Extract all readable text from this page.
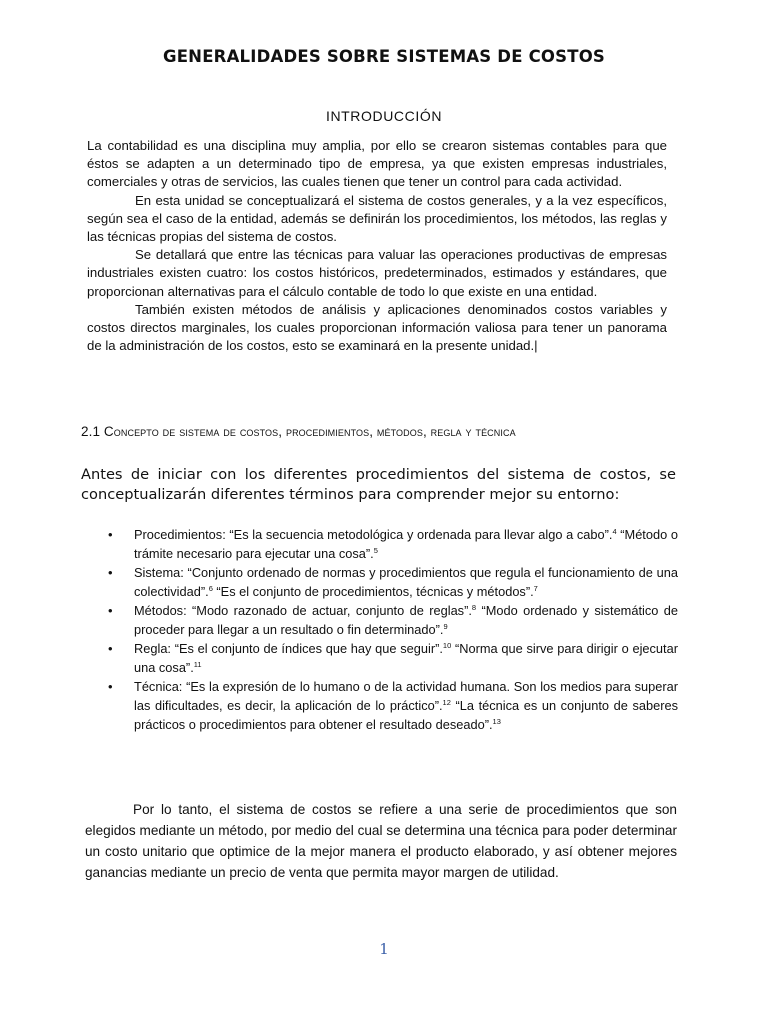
GENERALIDADES SOBRE SISTEMAS DE COSTOS
INTRODUCCIÓN

La contabilidad es una disciplina muy amplia, por ello se crearon sistemas contables para que éstos se adapten a un determinado tipo de empresa, ya que existen empresas industriales, comerciales y otras de servicios, las cuales tienen que tener un control para cada actividad.

En esta unidad se conceptualizará el sistema de costos generales, y a la vez específicos, según sea el caso de la entidad, además se definirán los procedimientos, los métodos, las reglas y las técnicas propias del sistema de costos.

Se detallará que entre las técnicas para valuar las operaciones productivas de empresas industriales existen cuatro: los costos históricos, predeterminados, estimados y estándares, que proporcionan alternativas para el cálculo contable de todo lo que existe en una entidad.

También existen métodos de análisis y aplicaciones denominados costos variables y costos directos marginales, los cuales proporcionan información valiosa para tener un panorama de la administración de los costos, esto se examinará en la presente unidad.|

2.1 Concepto de sistema de costos, procedimientos, métodos, regla y técnica
Antes de iniciar con los diferentes procedimientos del sistema de costos, se conceptualizarán diferentes términos para comprender mejor su entorno:
• Procedimientos: “Es la secuencia metodológica y ordenada para llevar algo a cabo”.$^4$ “Método o trámite necesario para ejecutar una cosa”.$^5$

• Sistema: “Conjunto ordenado de normas y procedimientos que regula el funcionamiento de una colectividad”.$^6$ “Es el conjunto de procedimientos, técnicas y métodos”.$^7$

• Métodos: “Modo razonado de actuar, conjunto de reglas”.$^8$ “Modo ordenado y sistemático de proceder para llegar a un resultado o fin determinado”.$^9$

• Regla: “Es el conjunto de índices que hay que seguir”.$^{10}$ “Norma que sirve para dirigir o ejecutar una cosa”.$^{11}$

• Técnica: “Es la expresión de lo humano o de la actividad humana. Son los medios para superar las dificultades, es decir, la aplicación de lo práctico”.$^{12}$ “La técnica es un conjunto de saberes prácticos o procedimientos para obtener el resultado deseado”.$^{13}$

Por lo tanto, el sistema de costos se refiere a una serie de procedimientos que son elegidos mediante un método, por medio del cual se determina una técnica para poder determinar un costo unitario que optimice de la mejor manera el producto elaborado, y así obtener mejores ganancias mediante un precio de venta que permita mayor margen de utilidad.

1
